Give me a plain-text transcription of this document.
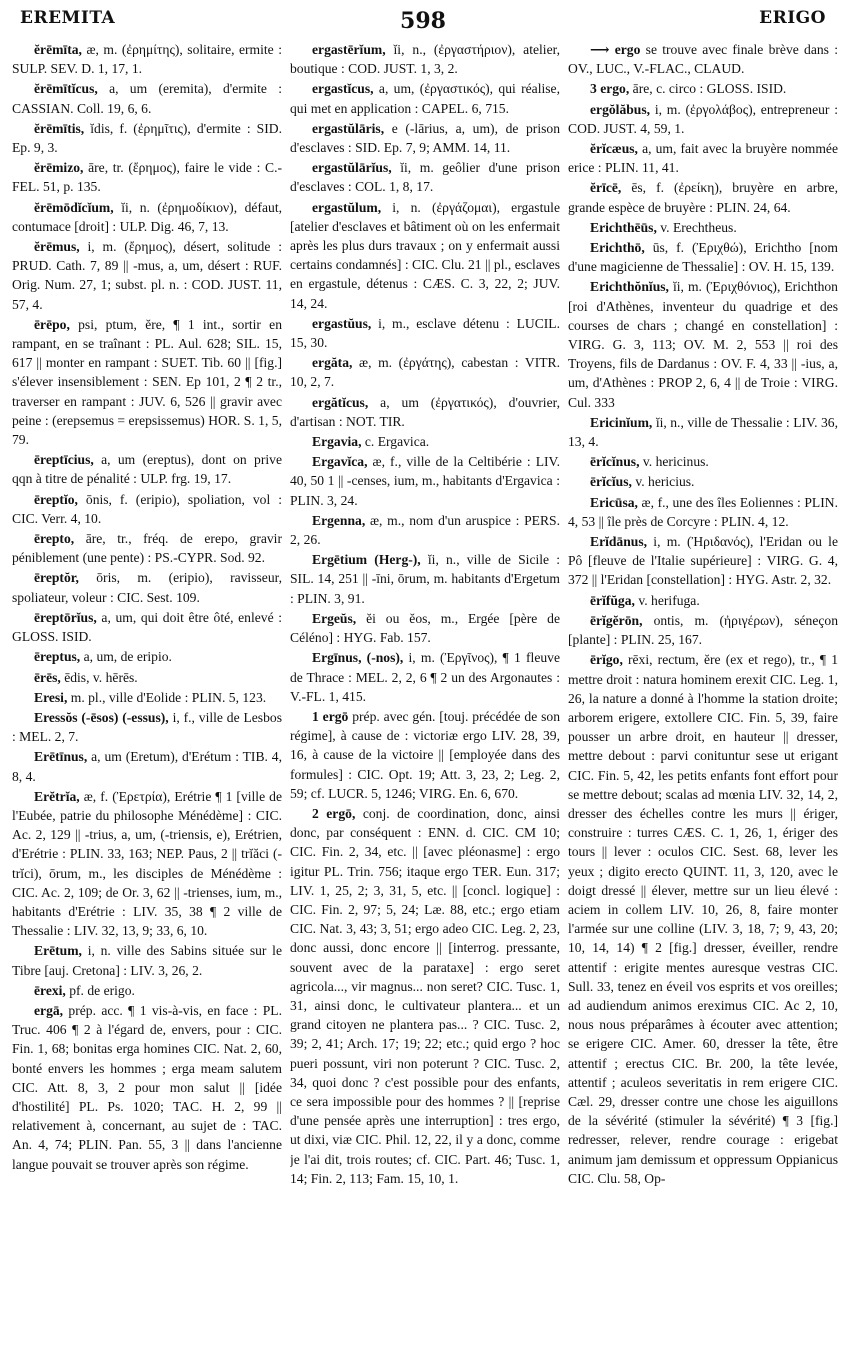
EREMITA	598	ERIGO

ĕrēmīta, æ, m. (ἐρημίτης), solitaire, ermite : SULP. SEV. D. 1, 17, 1.

ĕrēmītĭcus, a, um (eremita), d'ermite : CASSIAN. Coll. 19, 6, 6.

ĕrēmītis, ĭdis, f. (ἐρημῖτις), d'ermite : SID. Ep. 9, 3.

ĕrēmizo, āre, tr. (ἔρημος), faire le vide : C.-FEL. 51, p. 135.

ĕrēmōdĭcĭum, ĭi, n. (ἐρημοδίκιον), défaut, contumace [droit] : ULP. Dig. 46, 7, 13.

ĕrēmus, i, m. (ἔρημος), désert, solitude : PRUD. Cath. 7, 89 || -mus, a, um, désert : RUF. Orig. Num. 27, 1; subst. pl. n. : COD. JUST. 11, 57, 4.

ērēpo, psi, ptum, ĕre, ¶ 1 int., sortir en rampant, en se traînant : PL. Aul. 628; SIL. 15, 617 || monter en rampant : SUET. Tib. 60 || [fig.] s'élever insensiblement : SEN. Ep 101, 2 ¶ 2 tr., traverser en rampant : JUV. 6, 526 || gravir avec peine : (erepsemus = erepsissemus) HOR. S. 1, 5, 79.

ēreptīcius, a, um (ereptus), dont on prive qqn à titre de pénalité : ULP. frg. 19, 17.

ēreptĭo, ōnis, f. (eripio), spoliation, vol : CIC. Verr. 4, 10.

ērepto, āre, tr., fréq. de erepo, gravir péniblement (une pente) : PS.-CYPR. Sod. 92.

ēreptŏr, ōris, m. (eripio), ravisseur, spoliateur, voleur : CIC. Sest. 109.

ēreptōrĭus, a, um, qui doit être ôté, enlevé : GLOSS. ISID.

ēreptus, a, um, de eripio.

ērēs, ēdis, v. hērēs.

Eresi, m. pl., ville d'Eolide : PLIN. 5, 123.

Eressŏs (-ēsos) (-essus), i, f., ville de Lesbos : MEL. 2, 7.

Erētīnus, a, um (Eretum), d'Erétum : TIB. 4, 8, 4.

Erĕtrĭa, æ, f. (Ἐρετρία), Erétrie ¶ 1 [ville de l'Eubée, patrie du philosophe Ménédème] : CIC. Ac. 2, 129 || -trius, a, um, (-triensis, e), Erétrien, d'Erétrie : PLIN. 33, 163; NEP. Paus, 2 || trĭăci (-trĭci), ōrum, m., les disciples de Ménédème : CIC. Ac. 2, 109; de Or. 3, 62 || -trienses, ium, m., habitants d'Erétrie : LIV. 35, 38 ¶ 2 ville de Thessalie : LIV. 32, 13, 9; 33, 6, 10.

Erētum, i, n. ville des Sabins située sur le Tibre [auj. Cretona] : LIV. 3, 26, 2.

ērexi, pf. de erigo.

ergā, prép. acc. ¶ 1 vis-à-vis, en face : PL. Truc. 406 ¶ 2 à l'égard de, envers, pour : CIC. Fin. 1, 68; bonitas erga homines CIC. Nat. 2, 60, bonté envers les hommes ; erga meam salutem CIC. Att. 8, 3, 2 pour mon salut || [idée d'hostilité] PL. Ps. 1020; TAC. H. 2, 99 || relativement à, concernant, au sujet de : TAC. An. 4, 74; PLIN. Pan. 55, 3 || dans l'ancienne langue pouvait se trouver après son régime.

ergastērĭum, ĭi, n., (ἐργαστήριον), atelier, boutique : COD. JUST. 1, 3, 2.

ergastĭcus, a, um, (ἐργαστικός), qui réalise, qui met en application : CAPEL. 6, 715.

ergastŭlāris, e (-lārius, a, um), de prison d'esclaves : SID. Ep. 7, 9; AMM. 14, 11.

ergastŭlārĭus, ĭi, m. geôlier d'une prison d'esclaves : COL. 1, 8, 17.

ergastŭlum, i, n. (ἐργάζομαι), ergastule [atelier d'esclaves et bâtiment où on les enfermait après les plus durs travaux ; on y enfermait aussi certains condamnés] : CIC. Clu. 21 || pl., esclaves en ergastule, détenus : CÆS. C. 3, 22, 2; JUV. 14, 24.

ergastŭus, i, m., esclave détenu : LUCIL. 15, 30.

ergăta, æ, m. (ἐργάτης), cabestan : VITR. 10, 2, 7.

ergătĭcus, a, um (ἐργατικός), d'ouvrier, d'artisan : NOT. TIR.

Ergavia, c. Ergavica.

Ergavĭca, æ, f., ville de la Celtibérie : LIV. 40, 50 1 || -censes, ium, m., habitants d'Ergavica : PLIN. 3, 24.

Ergenna, æ, m., nom d'un aruspice : PERS. 2, 26.

Ergētium (Herg-), ĭi, n., ville de Sicile : SIL. 14, 251 || -īni, ōrum, m. habitants d'Ergetum : PLIN. 3, 91.

Ergeŭs, ĕi ou ĕos, m., Ergée [père de Céléno] : HYG. Fab. 157.

Ergīnus, (-nos), i, m. (Ἐργῖνος), ¶ 1 fleuve de Thrace : MEL. 2, 2, 6 ¶ 2 un des Argonautes : V.-FL. 1, 415.

1 ergō prép. avec gén. [touj. précédée de son régime], à cause de : victoriæ ergo LIV. 28, 39, 16, à cause de la victoire || [employée dans des formules] : CIC. Opt. 19; Att. 3, 23, 2; Leg. 2, 59; cf. LUCR. 5, 1246; VIRG. En. 6, 670.

2 ergō, conj. de coordination, donc, ainsi donc, par conséquent : ENN. d. CIC. CM 10; CIC. Fin. 2, 34, etc. || [avec pléonasme] : ergo igitur PL. Trin. 756; itaque ergo TER. Eun. 317; LIV. 1, 25, 2; 3, 31, 5, etc. || [concl. logique] : CIC. Fin. 2, 97; 5, 24; Læ. 88, etc.; ergo etiam CIC. Nat. 3, 43; 3, 51; ergo adeo CIC. Leg. 2, 23, donc aussi, donc encore || [interrog. pressante, souvent avec de la parataxe] : ergo seret agricola..., vir magnus... non seret? CIC. Tusc. 1, 31, ainsi donc, le cultivateur plantera... et un grand citoyen ne plantera pas... ? CIC. Tusc. 2, 39; 2, 41; Arch. 17; 19; 22; etc.; quid ergo ? hoc pueri possunt, viri non poterunt ? CIC. Tusc. 2, 34, quoi donc ? c'est possible pour des enfants, ce sera impossible pour des hommes ? || [reprise d'une pensée après une interruption] : tres ergo, ut dixi, viæ CIC. Phil. 12, 22, il y a donc, comme je l'ai dit, trois routes; cf. CIC. Part. 46; Tusc. 1, 14; Fin. 2, 113; Fam. 15, 10, 1.

⟶ ergo se trouve avec finale brève dans : OV., LUC., V.-FLAC., CLAUD.

3 ergo, āre, c. circo : GLOSS. ISID.

ergŏlăbus, i, m. (ἐργολάβος), entrepreneur : COD. JUST. 4, 59, 1.

ĕrĭcæus, a, um, fait avec la bruyère nommée erice : PLIN. 11, 41.

ĕrīcē, ēs, f. (ἐρείκη), bruyère en arbre, grande espèce de bruyère : PLIN. 24, 64.

Erichthēūs, v. Erechtheus.

Erichthō, ūs, f. (Ἐριχθώ), Erichtho [nom d'une magicienne de Thessalie] : OV. H. 15, 139.

Erichthŏnĭus, ĭi, m. (Ἐριχθόνιος), Erichthon [roi d'Athènes, inventeur du quadrige et des courses de chars ; changé en constellation] : VIRG. G. 3, 113; OV. M. 2, 553 || roi des Troyens, fils de Dardanus : OV. F. 4, 33 || -ius, a, um, d'Athènes : PROP 2, 6, 4 || de Troie : VIRG. Cul. 333

Ericinĭum, ĭi, n., ville de Thessalie : LIV. 36, 13, 4.

ērĭcĭnus, v. hericinus.

ērĭcĭus, v. hericius.

Ericūsa, æ, f., une des îles Eoliennes : PLIN. 4, 53 || île près de Corcyre : PLIN. 4, 12.

Erĭdānus, i, m. (Ἠριδανός), l'Eridan ou le Pô [fleuve de l'Italie supérieure] : VIRG. G. 4, 372 || l'Eridan [constellation] : HYG. Astr. 2, 32.

ērĭfŭga, v. herifuga.

ērĭgĕrōn, ontis, m. (ἠριγέρων), séneçon [plante] : PLIN. 25, 167.

ērĭgo, rēxi, rectum, ĕre (ex et rego), tr., ¶ 1 mettre droit : natura hominem erexit CIC. Leg. 1, 26, la nature a donné à l'homme la station droite; arborem erigere, extollere CIC. Fin. 5, 39, faire pousser un arbre droit, en hauteur || dresser, mettre debout : parvi conituntur sese ut erigant CIC. Fin. 5, 42, les petits enfants font effort pour se mettre debout; scalas ad mœnia LIV. 32, 14, 2, dresser des échelles contre les murs || ériger, construire : turres CÆS. C. 1, 26, 1, ériger des tours || lever : oculos CIC. Sest. 68, lever les yeux ; digito erecto QUINT. 11, 3, 120, avec le doigt dressé || élever, mettre sur un lieu élevé : aciem in collem LIV. 10, 26, 8, faire monter l'armée sur une colline (LIV. 3, 18, 7; 9, 43, 20; 10, 14, 14) ¶ 2 [fig.] dresser, éveiller, rendre attentif : erigite mentes auresque vestras CIC. Sull. 33, tenez en éveil vos esprits et vos oreilles; ad audiendum animos ereximus CIC. Ac 2, 10, nous nous préparâmes à écouter avec attention; se erigere CIC. Amer. 60, dresser la tête, être attentif ; erectus CIC. Br. 200, la tête levée, attentif ; aculeos severitatis in rem erigere CIC. Cæl. 29, dresser contre une chose les aiguillons de la sévérité (stimuler la sévérité) ¶ 3 [fig.] redresser, relever, rendre courage : erigebat animum jam demissum et oppressum Oppianicus CIC. Clu. 58, Op-
